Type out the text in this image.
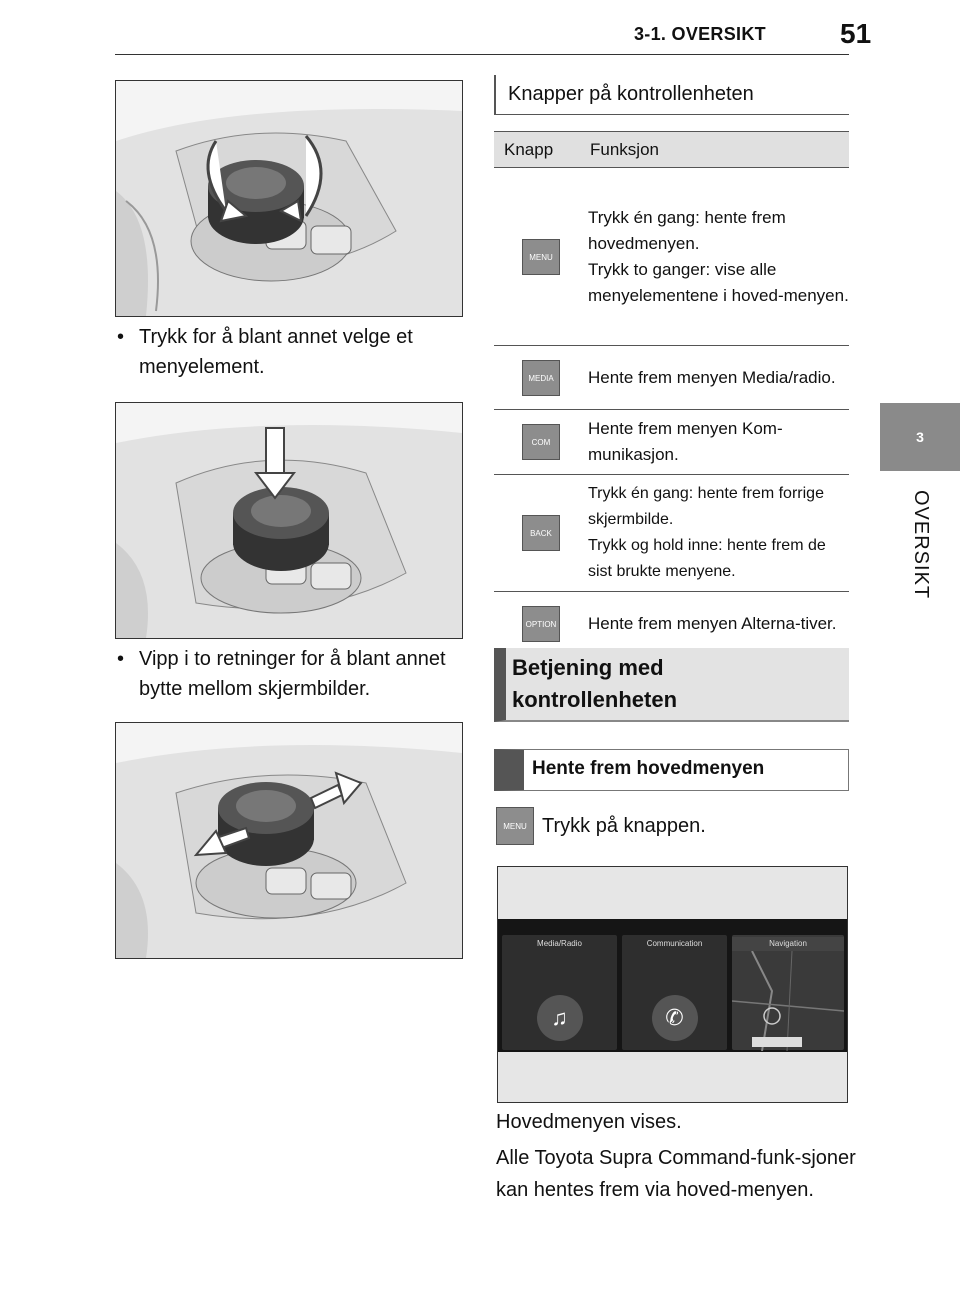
3-1. OVERSIKT	51
3
OVERSIKT
• Trykk for å blant annet velge et menyelement.
• Vipp i to retninger for å blant annet bytte mellom skjermbilder.
Knapper på kontrollenheten
Knapp	Funksjon
MENU	Trykk én gang: hente frem hovedmenyen.
Trykk to ganger: vise alle menyelementene i hoved-menyen.

MEDIA	Hente frem menyen Media/radio.

COM	Hente frem menyen Kom-munikasjon.

BACK	Trykk én gang: hente frem forrige skjermbilde.
Trykk og hold inne: hente frem de sist brukte menyene.

OPTION	Hente frem menyen Alterna-tiver.
Betjening med
kontrollenheten
Hente frem hovedmenyen
MENU Trykk på knappen.
Media/Radio
♫
Communication
✆
Navigation
Hovedmenyen vises.
Alle Toyota Supra Command-funk-sjoner kan hentes frem via hoved-menyen.
